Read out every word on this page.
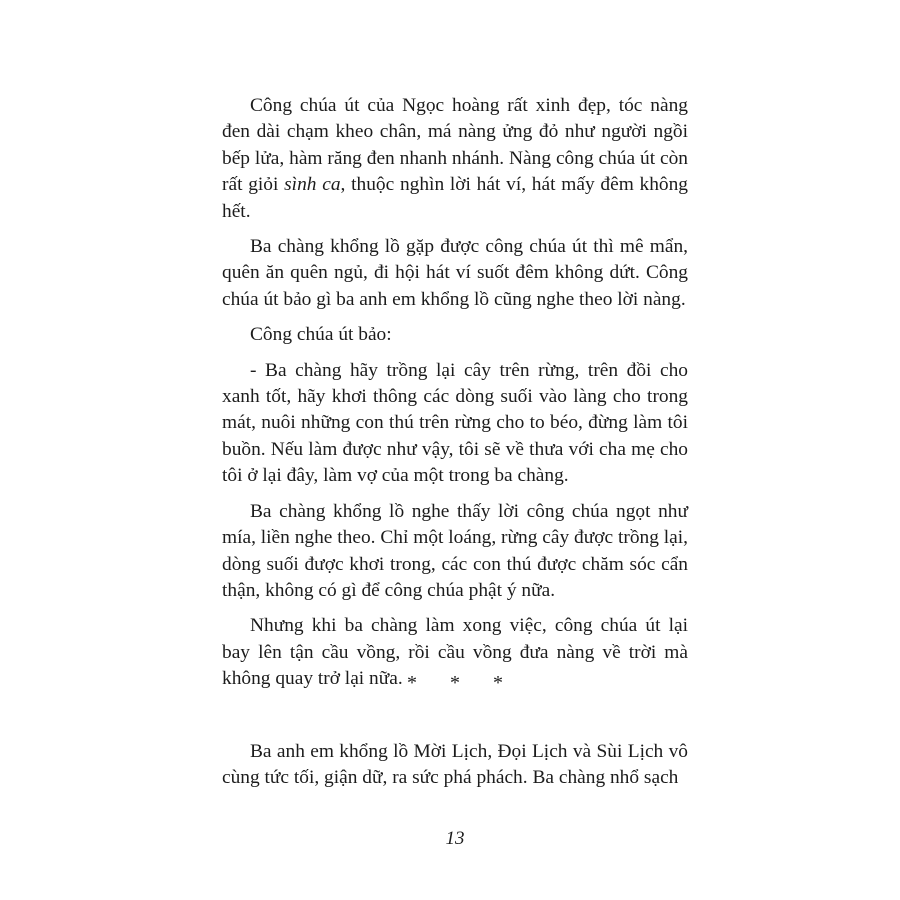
Công chúa út của Ngọc hoàng rất xinh đẹp, tóc nàng đen dài chạm kheo chân, má nàng ửng đỏ như người ngồi bếp lửa, hàm răng đen nhanh nhánh. Nàng công chúa út còn rất giỏi sình ca, thuộc nghìn lời hát ví, hát mấy đêm không hết.

Ba chàng khổng lồ gặp được công chúa út thì mê mẩn, quên ăn quên ngủ, đi hội hát ví suốt đêm không dứt. Công chúa út bảo gì ba anh em khổng lồ cũng nghe theo lời nàng.

Công chúa út bảo:

- Ba chàng hãy trồng lại cây trên rừng, trên đồi cho xanh tốt, hãy khơi thông các dòng suối vào làng cho trong mát, nuôi những con thú trên rừng cho to béo, đừng làm tôi buồn. Nếu làm được như vậy, tôi sẽ về thưa với cha mẹ cho tôi ở lại đây, làm vợ của một trong ba chàng.

Ba chàng khổng lồ nghe thấy lời công chúa ngọt như mía, liền nghe theo. Chỉ một loáng, rừng cây được trồng lại, dòng suối được khơi trong, các con thú được chăm sóc cẩn thận, không có gì để công chúa phật ý nữa.

Nhưng khi ba chàng làm xong việc, công chúa út lại bay lên tận cầu vồng, rồi cầu vồng đưa nàng về trời mà không quay trở lại nữa. * * *

Ba anh em khổng lồ Mời Lịch, Đọi Lịch và Sùi Lịch vô cùng tức tối, giận dữ, ra sức phá phách. Ba chàng nhổ sạch

13
